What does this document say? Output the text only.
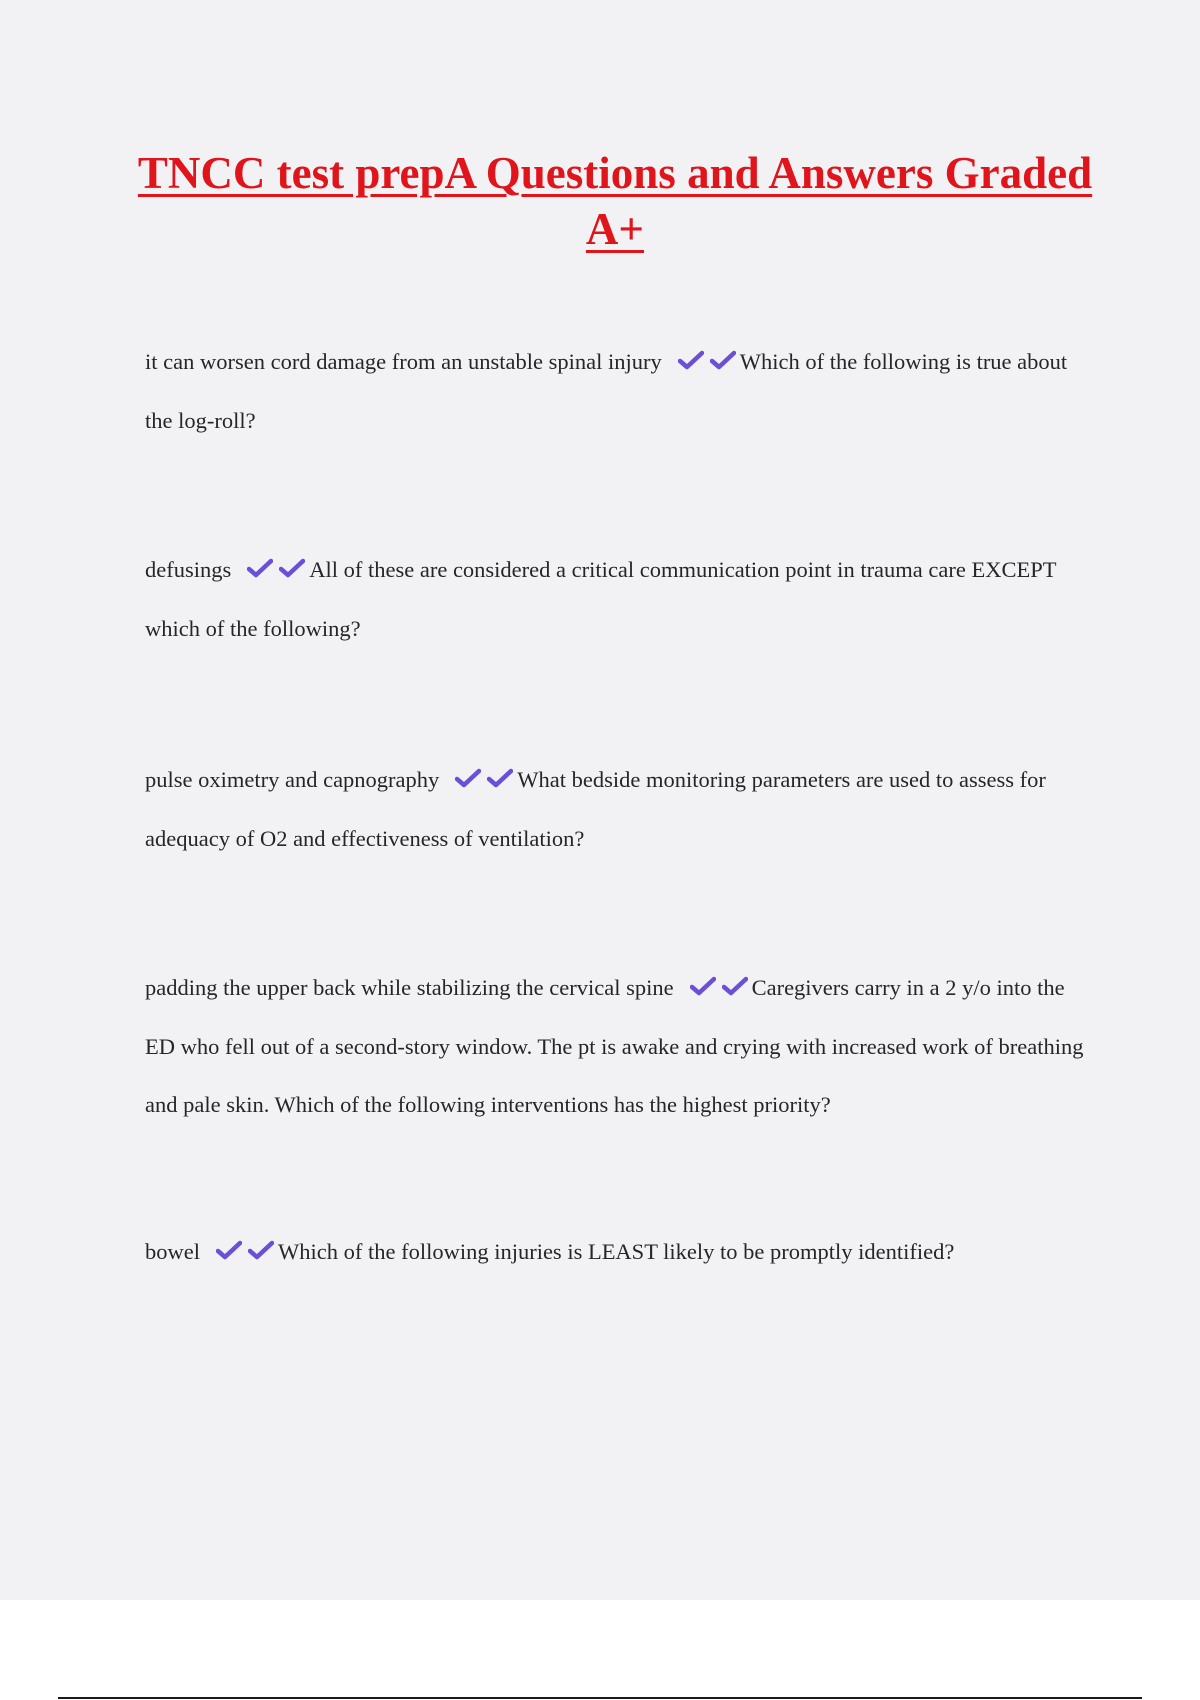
TNCC test prepA Questions and Answers Graded A+

it can worsen cord damage from an unstable spinal injury	Which of the following is true about the log-roll?

defusings	All of these are considered a critical communication point in trauma care EXCEPT which of the following?

pulse oximetry and capnography	What bedside monitoring parameters are used to assess for adequacy of O2 and effectiveness of ventilation?

padding the upper back while stabilizing the cervical spine	Caregivers carry in a 2 y/o into the ED who fell out of a second-story window. The pt is awake and crying with increased work of breathing and pale skin. Which of the following interventions has the highest priority?

bowel	Which of the following injuries is LEAST likely to be promptly identified?
